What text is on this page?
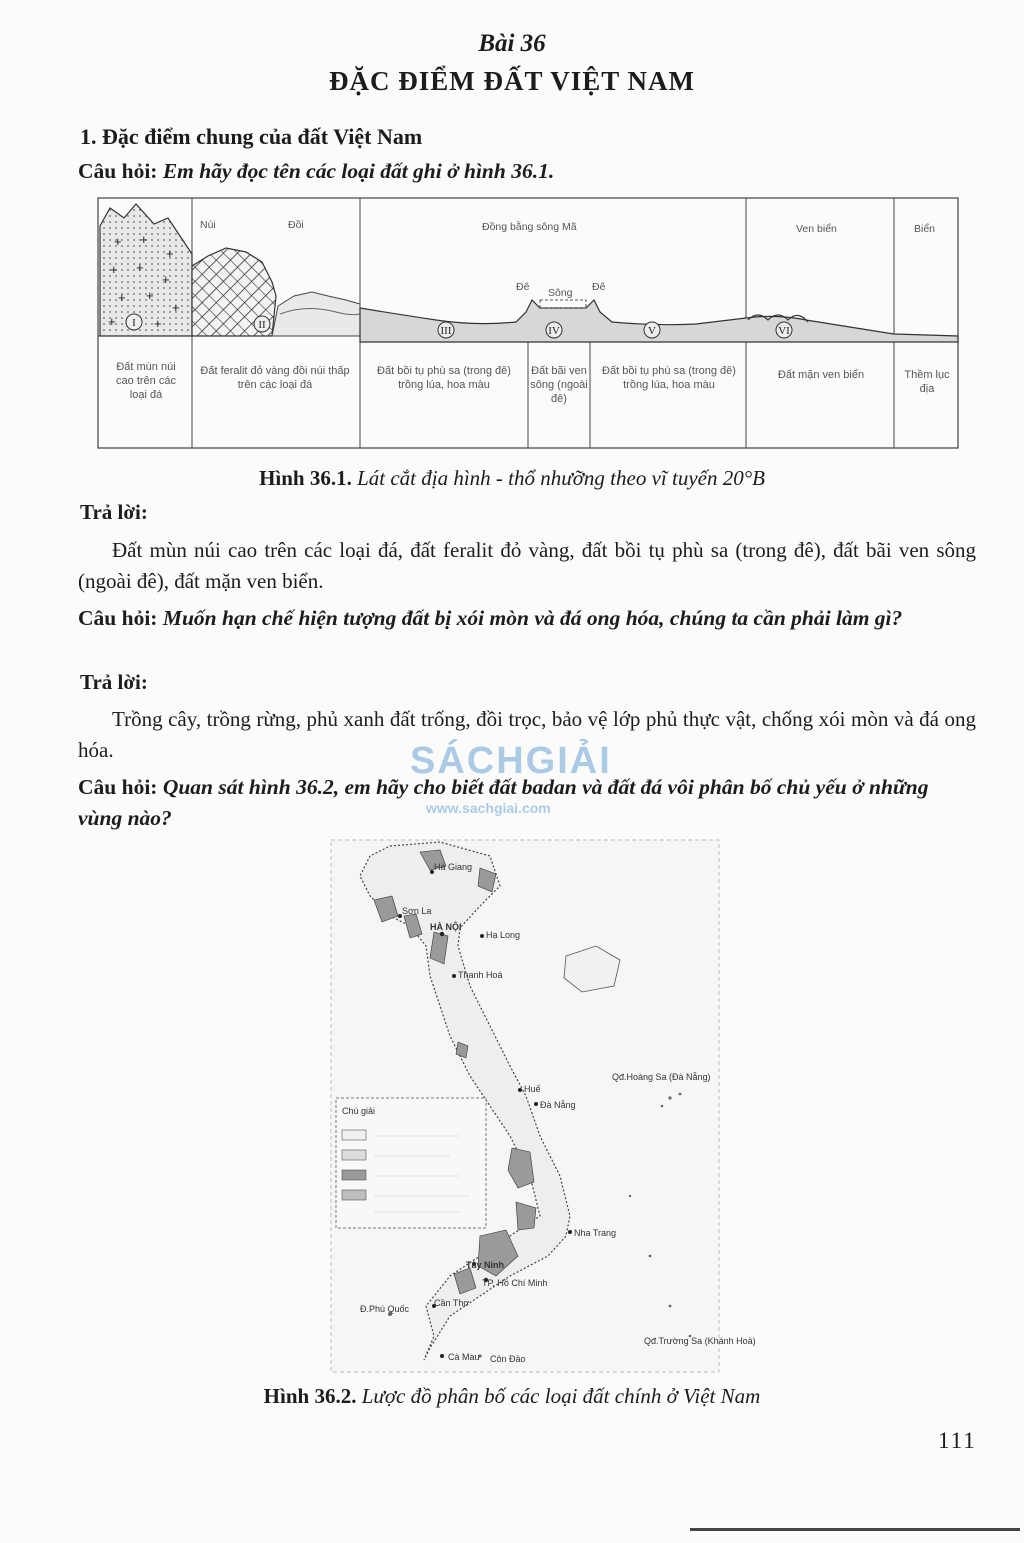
Bài 36
ĐẶC ĐIỂM ĐẤT VIỆT NAM
1. Đặc điểm chung của đất Việt Nam
Câu hỏi: Em hãy đọc tên các loại đất ghi ở hình 36.1.
+ +
+
+ +
+
+ +
+
+	+
Núi	Đồi	Đồng bằng sông Mã	Ven biển	Biển
Đê Sông Đê
I	II	III	IV	V	VI
Đất mùn núi cao trên các loại đá
Đất feralit đỏ vàng đồi núi thấp trên các loại đá
Đất bồi tụ phù sa (trong đê) trồng lúa, hoa màu
Đất bãi ven sông (ngoài đê)
Đất bồi tụ phù sa (trong đê) trồng lúa, hoa màu
Đất mặn ven biển	Thềm lục địa
Hình 36.1. Lát cắt địa hình - thổ nhưỡng theo vĩ tuyến 20°B
Trả lời:
Đất mùn núi cao trên các loại đá, đất feralit đỏ vàng, đất bồi tụ phù sa (trong đê), đất bãi ven sông (ngoài đê), đất mặn ven biển.
Câu hỏi: Muốn hạn chế hiện tượng đất bị xói mòn và đá ong hóa, chúng ta cần phải làm gì?
Trả lời:
Trồng cây, trồng rừng, phủ xanh đất trống, đồi trọc, bảo vệ lớp phủ thực vật, chống xói mòn và đá ong hóa.	SÁCHGIẢI
www.sachgiai.com
Câu hỏi: Quan sát hình 36.2, em hãy cho biết đất badan và đất đá vôi phân bố chủ yếu ở những vùng nào?
Chú giải
Hà Giang
Sơn La
HÀ NỘI
Hạ Long
Thanh Hoá
Huế
Đà Nẵng
Qđ.Hoàng Sa (Đà Nẵng)
Nha Trang
Tây Ninh
TP. Hồ Chí Minh
Cần Thơ
Đ.Phú Quốc
Cà Mau Côn Đảo
Qđ.Trường Sa (Khánh Hoà)
Hình 36.2. Lược đồ phân bố các loại đất chính ở Việt Nam
111
